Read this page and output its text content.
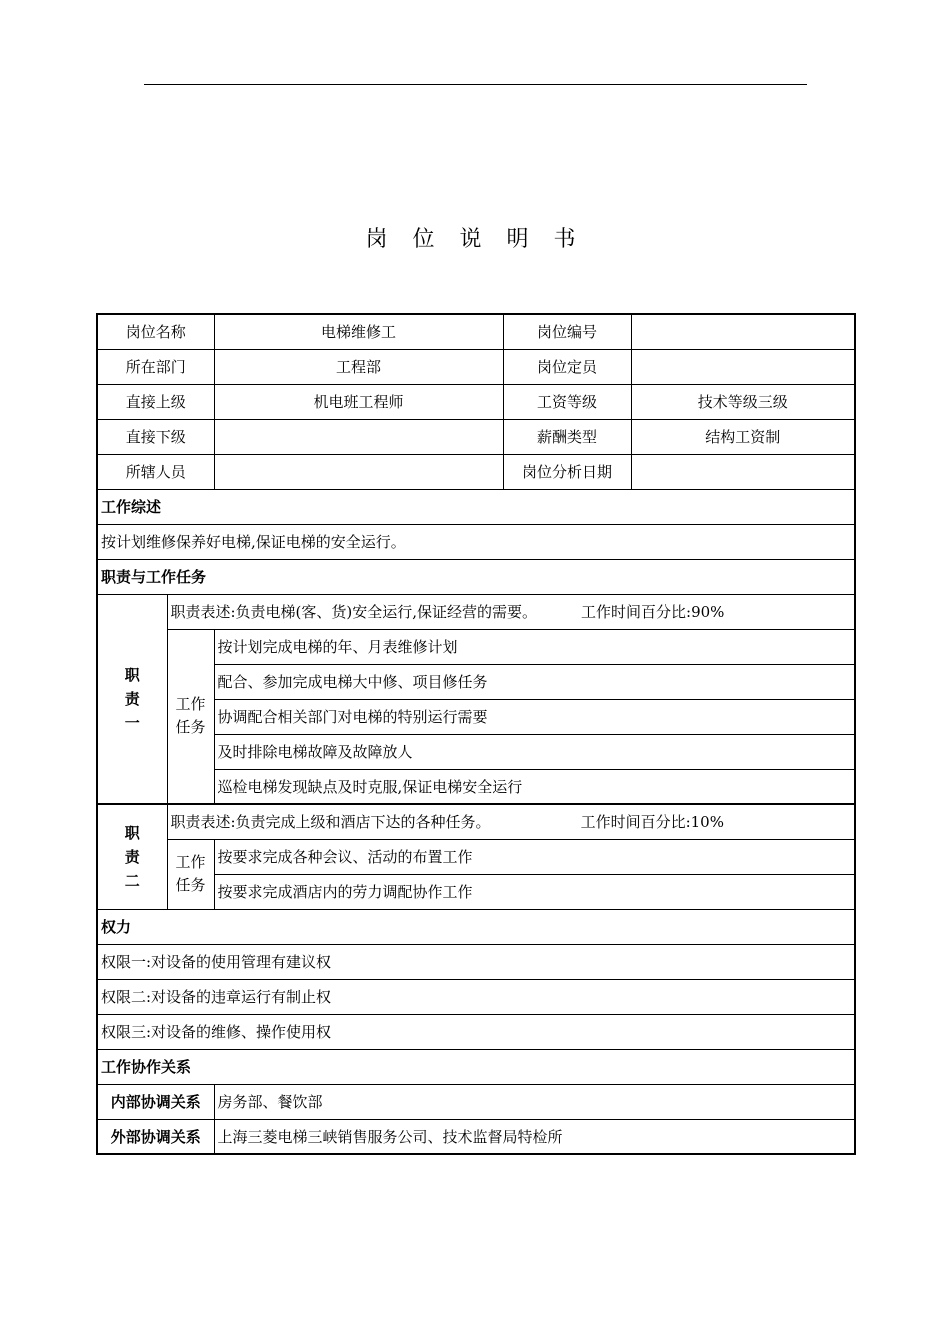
岗 位 说 明 书
岗位名称		电梯维修工	岗位编号	
所在部门		工程部	岗位定员	
直接上级		机电班工程师	工资等级	技术等级三级
直接下级			薪酬类型	结构工资制
所辖人员			岗位分析日期	
工作综述				
按计划维修保养好电梯,保证电梯的安全运行。				
职责与工作任务				

职
责
一	职责表述:负责电梯(客、货)安全运行,保证经营的需要。 工作时间百分比:90%			

	工作
任务	按计划完成电梯的年、月表维修计划		
		配合、参加完成电梯大中修、项目修任务		
		协调配合相关部门对电梯的特别运行需要		
		及时排除电梯故障及故障放人		
		巡检电梯发现缺点及时克服,保证电梯安全运行		

职
责
二	职责表述:负责完成上级和酒店下达的各种任务。 工作时间百分比:10%			

	工作
任务	按要求完成各种会议、活动的布置工作		
		按要求完成酒店内的劳力调配协作工作		
权力				
权限一:对设备的使用管理有建议权				
权限二:对设备的违章运行有制止权				
权限三:对设备的维修、操作使用权				
工作协作关系				
内部协调关系		房务部、餐饮部		
外部协调关系		上海三菱电梯三峡销售服务公司、技术监督局特检所		
